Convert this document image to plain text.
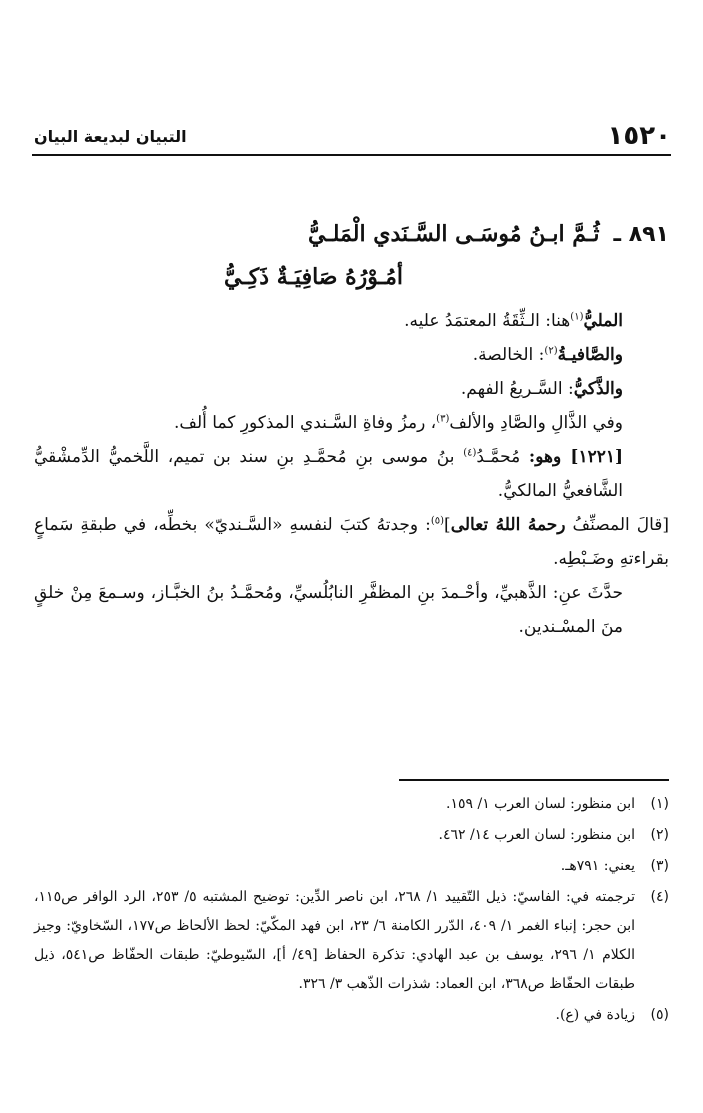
١٥٢٠
التبيان لبديعة البيان
٨٩١ ـ
ثُـمَّ ابـنُ مُوسَـى السَّـنَدي الْمَلـيُّ
أمُـوْرُهُ صَافِيَـةٌ ذَكِـيُّ

المليُّ$^{(١)}$هنا: الـثِّقَةُ المعتمَدُ عليه.

والصَّافيـةُ$^{(٢)}$: الخالصة.

والذَّكيُّ: السَّـريعُ الفهم.

وفي الذَّالِ والصَّادِ والألف$^{(٣)}$، رمزُ وفاةِ السَّـندي المذكورِ كما أُلف.

[١٢٢١] وهو: مُحمَّـدُ$^{(٤)}$ بنُ موسى بنِ مُحمَّـدِ بنِ سند بن تميم، اللَّخميُّ الدِّمشْقيُّ الشَّافعيُّ المالكيُّ.

[قالَ المصنِّفُ رحمهُ اللهُ تعالى]$^{(٥)}$: وجدتهُ كتبَ لنفسهِ «السَّـنديّ» بخطِّه، في طبقةِ سَماعٍ بقراءتهِ وضَـبْطِه.

حدَّثَ عنِ: الذَّهبيِّ، وأحْـمدَ بنِ المظفَّرِ النابُلُسيِّ، ومُحمَّـدُ بنُ الخبَّـاز، وسـمعَ مِنْ خلقٍ منَ المسْـندين.

(١)
ابن منظور: لسان العرب ١/ ١٥٩.
(٢)
ابن منظور: لسان العرب ١٤/ ٤٦٢.
(٣)
يعني: ٧٩١هـ.
(٤)
ترجمته في: الفاسيّ: ذيل التّقييد ١/ ٢٦٨، ابن ناصر الدِّين: توضيح المشتبه ٥/ ٢٥٣، الرد الوافر ص١١٥، ابن حجر: إنباء الغمر ١/ ٤٠٩، الدّرر الكامنة ٦/ ٢٣، ابن فهد المكّيّ: لحظ الألحاظ ص١٧٧، السّخاويّ: وجيز الكلام ١/ ٢٩٦، يوسف بن عبد الهادي: تذكرة الحفاظ [٤٩/ أ]، السّيوطيّ: طبقات الحفّاظ ص٥٤١، ذيل طبقات الحفّاظ ص٣٦٨، ابن العماد: شذرات الذّهب ٣/ ٣٢٦.
(٥)
زيادة في (ع).
